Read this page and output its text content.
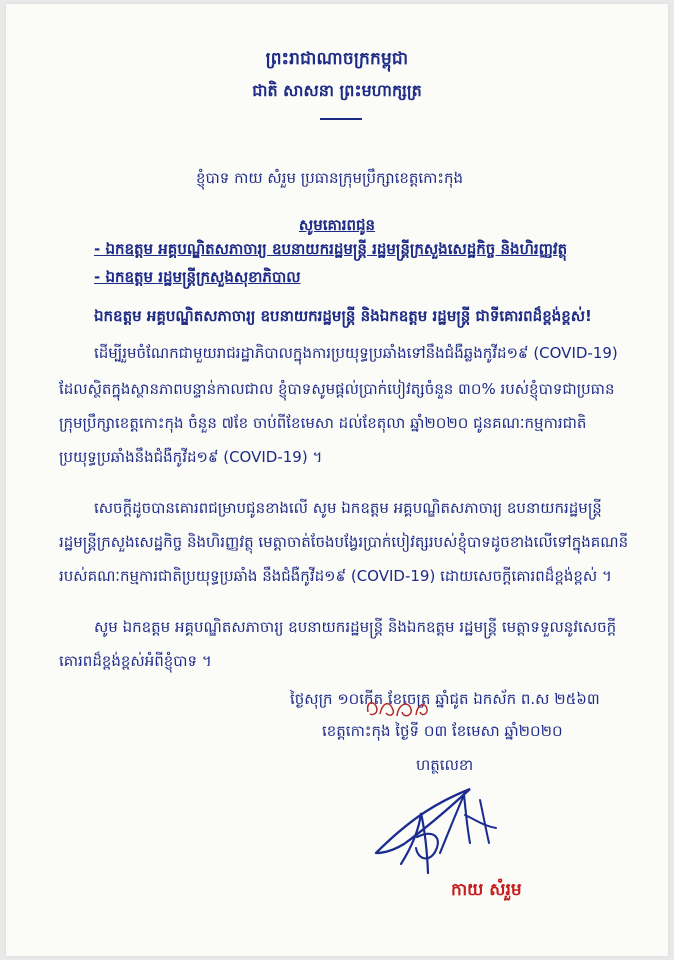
ព្រះរាជាណាចក្រកម្ពុជា
ជាតិ សាសនា ព្រះមហាក្សត្រ
ខ្ញុំបាទ កាយ សំរួម ប្រធានក្រុមប្រឹក្សាខេត្តកោះកុង
សូមគោរពជូន
- ឯកឧត្តម អគ្គបណ្ឌិតសភាចារ្យ ឧបនាយករដ្ឋមន្ត្រី រដ្ឋមន្ត្រីក្រសួងសេដ្ឋកិច្ច និងហិរញ្ញវត្ថុ
- ឯកឧត្តម រដ្ឋមន្ត្រីក្រសួងសុខាភិបាល
ឯកឧត្តម អគ្គបណ្ឌិតសភាចារ្យ ឧបនាយករដ្ឋមន្ត្រី និងឯកឧត្តម រដ្ឋមន្ត្រី ជាទីគោរពដ៏ខ្ពង់ខ្ពស់!
ដើម្បីរួមចំណែកជាមួយរាជរដ្ឋាភិបាលក្នុងការប្រយុទ្ធប្រឆាំងទៅនឹងជំងឺឆ្លងកូវីដ១៩ (COVID-19)
ដែលស្ថិតក្នុងស្ថានភាពបន្ទាន់កាលជាល ខ្ញុំបាទសូមផ្តល់ប្រាក់បៀវត្សចំនួន ៣០% របស់ខ្ញុំបាទជាប្រធាន
ក្រុមប្រឹក្សាខេត្តកោះកុង ចំនួន ៧ខែ ចាប់ពីខែមេសា ដល់ខែតុលា ឆ្នាំ២០២០ ជូនគណៈកម្មការជាតិ
ប្រយុទ្ធប្រឆាំងនឹងជំងឺកូវីដ១៩ (COVID-19) ។
សេចក្តីដូចបានគោរពជម្រាបជូនខាងលើ សូម ឯកឧត្តម អគ្គបណ្ឌិតសភាចារ្យ ឧបនាយករដ្ឋមន្ត្រី
រដ្ឋមន្ត្រីក្រសួងសេដ្ឋកិច្ច និងហិរញ្ញវត្ថុ មេត្តាចាត់ចែងបង្វែរប្រាក់បៀវត្សរបស់ខ្ញុំបាទដូចខាងលើទៅក្នុងគណនី
របស់គណៈកម្មការជាតិប្រយុទ្ធប្រឆាំង នឹងជំងឺកូវីដ១៩ (COVID-19) ដោយសេចក្តីគោរពដ៏ខ្ពង់ខ្ពស់ ។
សូម ឯកឧត្តម អគ្គបណ្ឌិតសភាចារ្យ ឧបនាយករដ្ឋមន្ត្រី និងឯកឧត្តម រដ្ឋមន្ត្រី មេត្តាទទួលនូវសេចក្តី
គោរពដ៏ខ្ពង់ខ្ពស់អំពីខ្ញុំបាទ ។
ថ្ងៃសុក្រ ១០កើត ខែចេត្រ ឆ្នាំជូត ឯកស័ក ព.ស ២៥៦៣
ខេត្តកោះកុង ថ្ងៃទី ០៣ ខែមេសា ឆ្នាំ២០២០
ហត្ថលេខា
កាយ សំរួម
